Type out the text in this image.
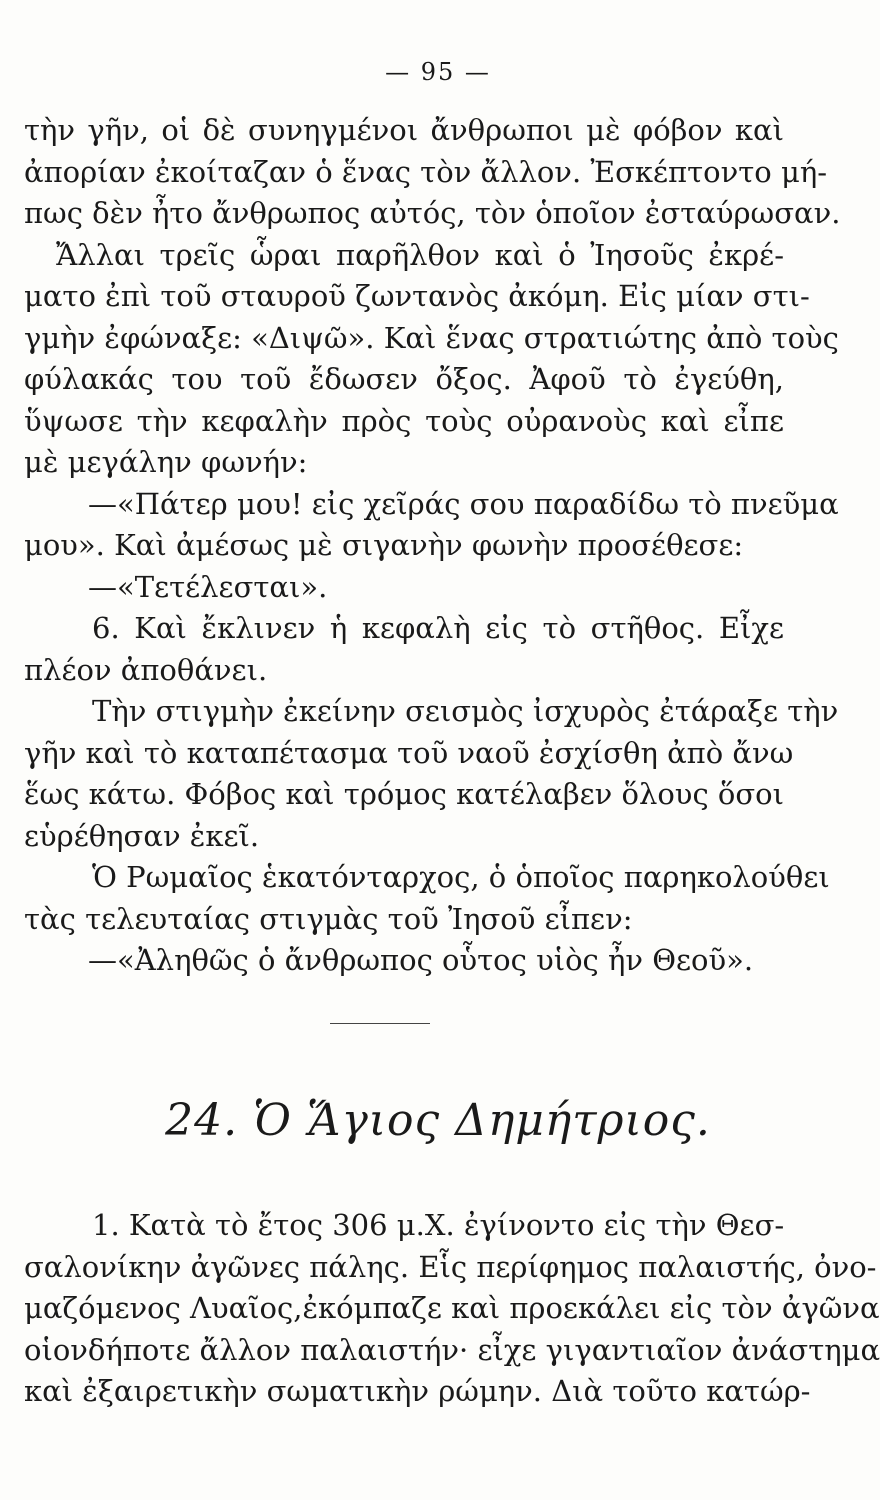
— 95 —
τὴν γῆν, οἱ δὲ συνηγμένοι ἄνθρωποι μὲ φόβον καὶ
ἀπορίαν ἐκοίταζαν ὁ ἕνας τὸν ἄλλον. Ἐσκέπτοντο μή-
πως δὲν ἦτο ἄνθρωπος αὐτός, τὸν ὁποῖον ἐσταύρωσαν.
Ἄλλαι τρεῖς ὧραι παρῆλθον καὶ ὁ Ἰησοῦς ἐκρέ-
ματο ἐπὶ τοῦ σταυροῦ ζωντανὸς ἀκόμη. Εἰς μίαν στι-
γμὴν ἐφώναξε: «Διψῶ». Καὶ ἕνας στρατιώτης ἀπὸ τοὺς
φύλακάς του τοῦ ἔδωσεν ὄξος. Ἀφοῦ τὸ ἐγεύθη,
ὕψωσε τὴν κεφαλὴν πρὸς τοὺς οὐρανοὺς καὶ εἶπε
μὲ μεγάλην φωνήν:
—«Πάτερ μου! εἰς χεῖράς σου παραδίδω τὸ πνεῦμα
μου». Καὶ ἀμέσως μὲ σιγανὴν φωνὴν προσέθεσε:
—«Τετέλεσται».
6. Καὶ ἔκλινεν ἡ κεφαλὴ εἰς τὸ στῆθος. Εἶχε
πλέον ἀποθάνει.
Τὴν στιγμὴν ἐκείνην σεισμὸς ἰσχυρὸς ἐτάραξε τὴν
γῆν καὶ τὸ καταπέτασμα τοῦ ναοῦ ἐσχίσθη ἀπὸ ἄνω
ἕως κάτω. Φόβος καὶ τρόμος κατέλαβεν ὅλους ὅσοι
εὑρέθησαν ἐκεῖ.
Ὁ Ρωμαῖος ἑκατόνταρχος, ὁ ὁποῖος παρηκολούθει
τὰς τελευταίας στιγμὰς τοῦ Ἰησοῦ εἶπεν:
—«Ἀληθῶς ὁ ἄνθρωπος οὗτος υἱὸς ἦν Θεοῦ».
24. Ὁ Ἅγιος Δημήτριος.
1. Κατὰ τὸ ἔτος 306 μ.Χ. ἐγίνοντο εἰς τὴν Θεσ-
σαλονίκην ἀγῶνες πάλης. Εἷς περίφημος παλαιστής, ὀνο-
μαζόμενος Λυαῖος,ἐκόμπαζε καὶ προεκάλει εἰς τὸν ἀγῶνα
οἱονδήποτε ἄλλον παλαιστήν· εἶχε γιγαντιαῖον ἀνάστημα
καὶ ἐξαιρετικὴν σωματικὴν ρώμην. Διὰ τοῦτο κατώρ-
